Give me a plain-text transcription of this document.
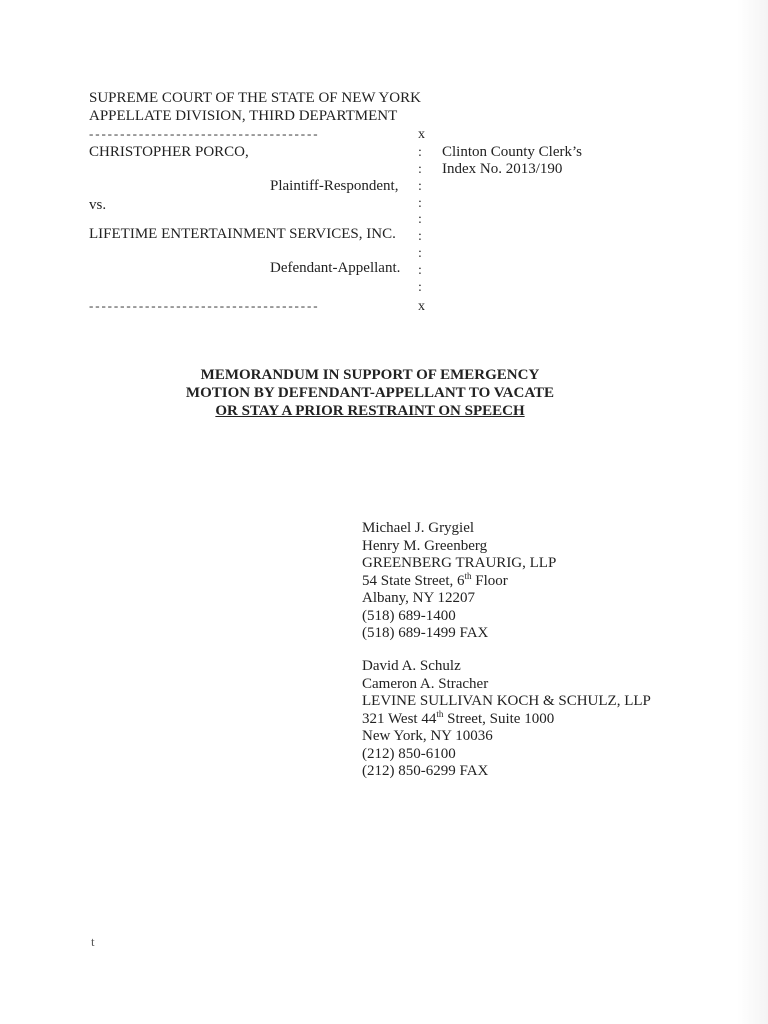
SUPREME COURT OF THE STATE OF NEW YORK
APPELLATE DIVISION, THIRD DEPARTMENT
-------------------------------------	x
CHRISTOPHER PORCO,
Plaintiff-Respondent,
vs.
LIFETIME ENTERTAINMENT SERVICES, INC.
Defendant-Appellant.
:
:
:
:
:
:
:
:
:
Clinton County Clerk’s
Index No. 2013/190
-------------------------------------	x
MEMORANDUM IN SUPPORT OF EMERGENCY
MOTION BY DEFENDANT-APPELLANT TO VACATE
OR STAY A PRIOR RESTRAINT ON SPEECH
Michael J. Grygiel
Henry M. Greenberg
GREENBERG TRAURIG, LLP
54 State Street, 6th Floor
Albany, NY 12207
(518) 689-1400
(518) 689-1499 FAX
David A. Schulz
Cameron A. Stracher
LEVINE SULLIVAN KOCH & SCHULZ, LLP
321 West 44th Street, Suite 1000
New York, NY 10036
(212) 850-6100
(212) 850-6299 FAX
t
